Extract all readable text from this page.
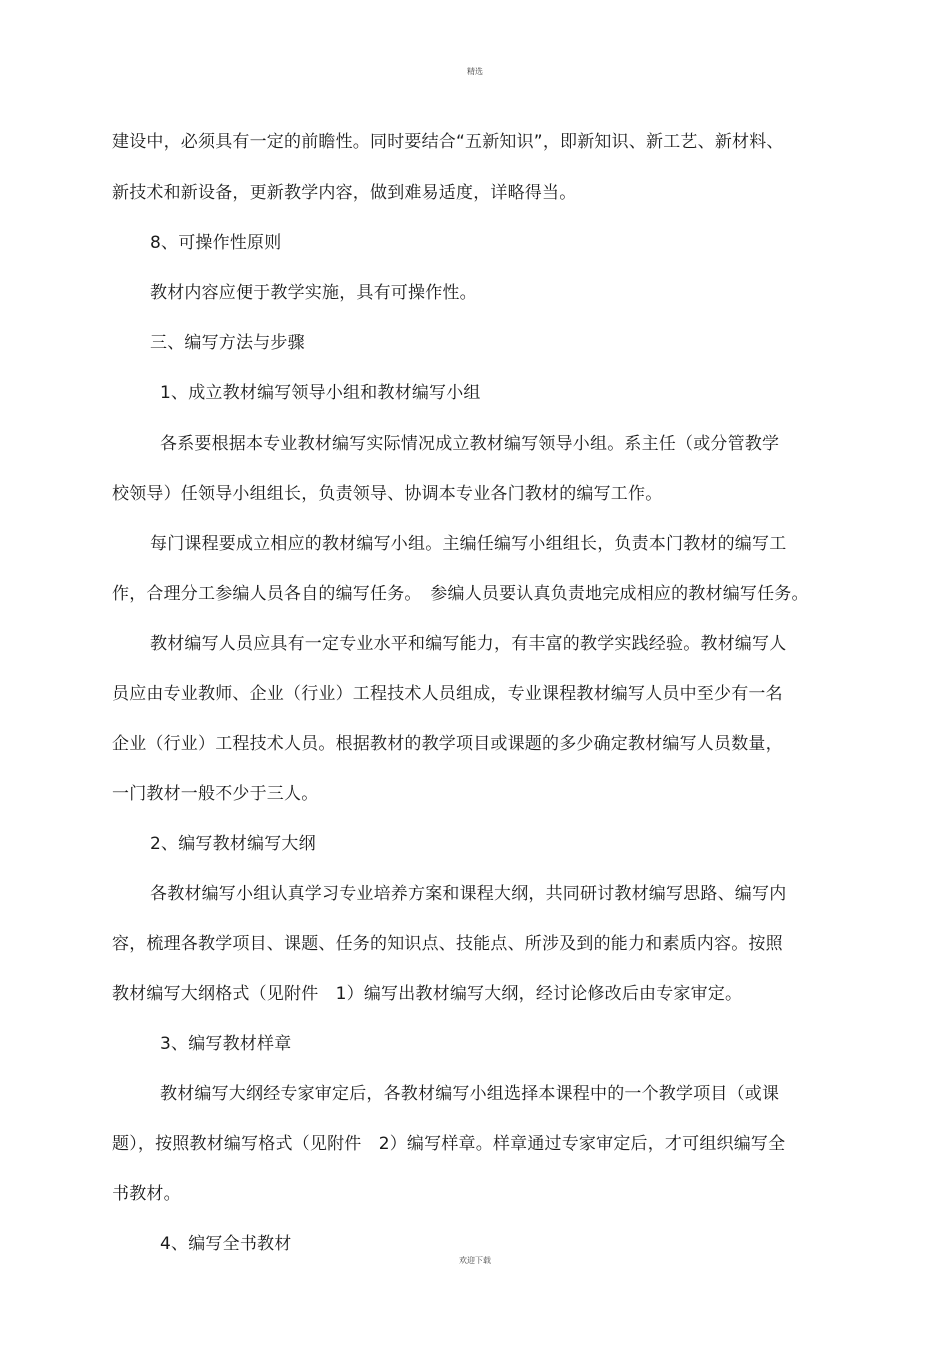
精选
建设中，必须具有一定的前瞻性。同时要结合“五新知识”，即新知识、新工艺、新材料、
新技术和新设备，更新教学内容，做到难易适度，详略得当。
8、可操作性原则
教材内容应便于教学实施，具有可操作性。
三、编写方法与步骤
1、成立教材编写领导小组和教材编写小组
各系要根据本专业教材编写实际情况成立教材编写领导小组。系主任（或分管教学
校领导）任领导小组组长，负责领导、协调本专业各门教材的编写工作。
每门课程要成立相应的教材编写小组。主编任编写小组组长，负责本门教材的编写工
作，合理分工参编人员各自的编写任务。　参编人员要认真负责地完成相应的教材编写任务。
教材编写人员应具有一定专业水平和编写能力，有丰富的教学实践经验。教材编写人
员应由专业教师、企业（行业）工程技术人员组成，专业课程教材编写人员中至少有一名
企业（行业）工程技术人员。根据教材的教学项目或课题的多少确定教材编写人员数量，
一门教材一般不少于三人。
2、编写教材编写大纲
各教材编写小组认真学习专业培养方案和课程大纲，共同研讨教材编写思路、编写内
容，梳理各教学项目、课题、任务的知识点、技能点、所涉及到的能力和素质内容。按照
教材编写大纲格式（见附件　1）编写出教材编写大纲，经讨论修改后由专家审定。
3、编写教材样章
教材编写大纲经专家审定后，各教材编写小组选择本课程中的一个教学项目（或课
题），按照教材编写格式（见附件　2）编写样章。样章通过专家审定后，才可组织编写全
书教材。
4、编写全书教材
欢迎下载
